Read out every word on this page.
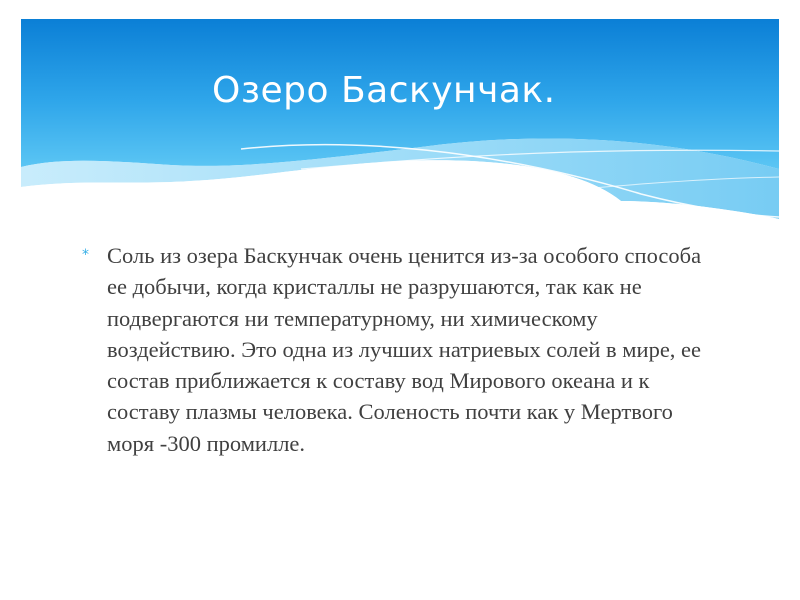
Озеро Баскунчак.
* Соль из озера Баскунчак очень ценится из-за особого способа ее добычи, когда кристаллы не разрушаются, так как не подвергаются ни температурному, ни химическому воздействию. Это одна из лучших натриевых солей в мире, ее состав приближается к составу вод Мирового океана и к составу плазмы человека. Соленость почти как у Мертвого моря -300 промилле.
